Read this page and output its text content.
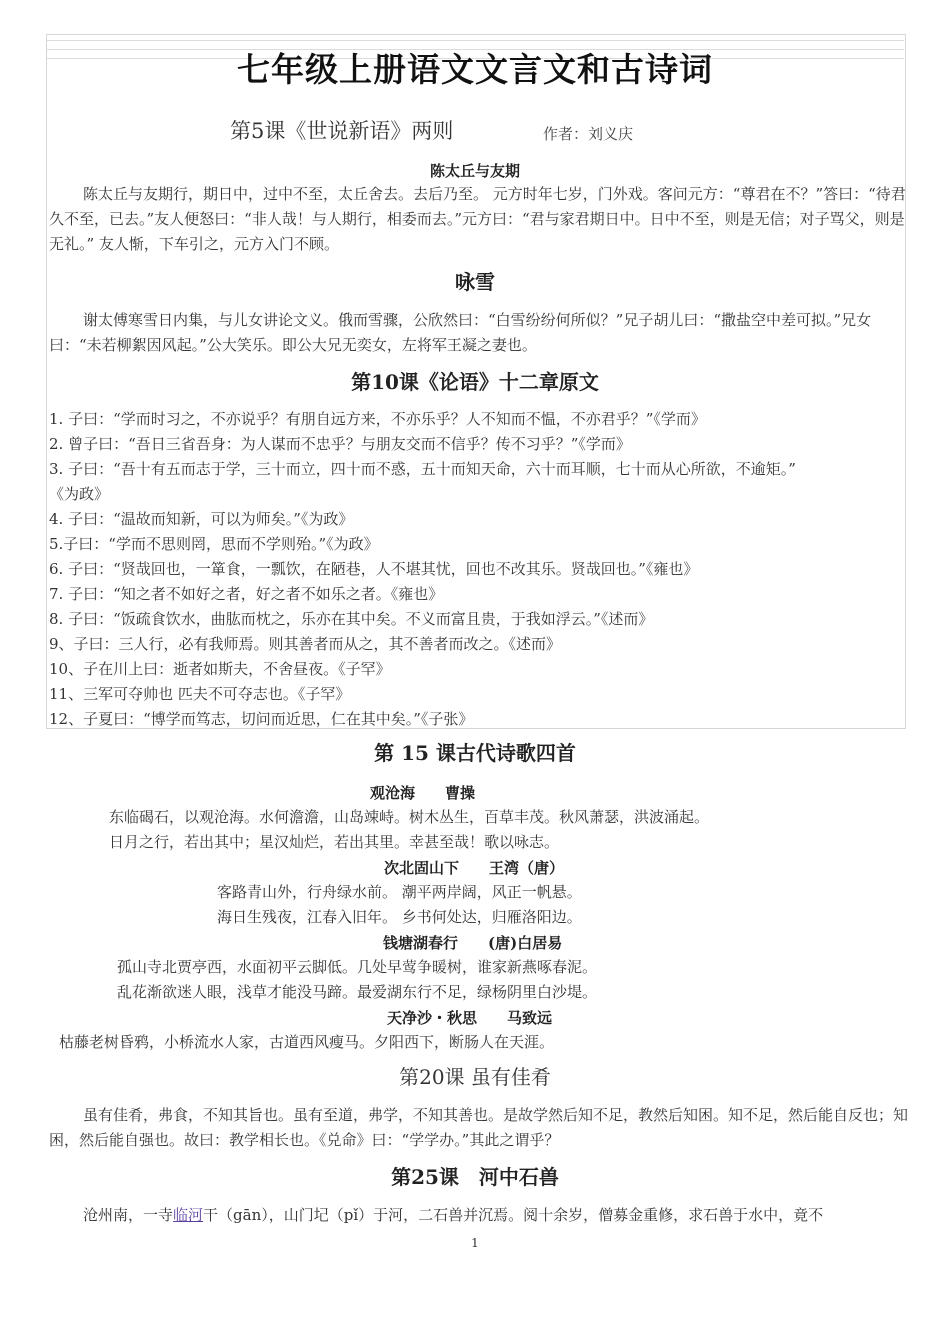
七年级上册语文文言文和古诗词
第5课《世说新语》两则	作者：刘义庆
陈太丘与友期
陈太丘与友期行，期日中，过中不至，太丘舍去。去后乃至。 元方时年七岁，门外戏。客问元方：“尊君在不？”答曰：“待君久不至，已去。”友人便怒曰：“非人哉！与人期行，相委而去。”元方曰：“君与家君期日中。日中不至，则是无信；对子骂父，则是无礼。” 友人惭，下车引之，元方入门不顾。
咏雪
谢太傅寒雪日内集，与儿女讲论文义。俄而雪骤，公欣然曰：“白雪纷纷何所似？”兄子胡儿曰：“撒盐空中差可拟。”兄女曰：“未若柳絮因风起。”公大笑乐。即公大兄无奕女，左将军王凝之妻也。
第10课《论语》十二章原文
1. 子曰：“学而时习之，不亦说乎？有朋自远方来，不亦乐乎？人不知而不愠，不亦君乎？”《学而》
2. 曾子曰：“吾日三省吾身：为人谋而不忠乎？与朋友交而不信乎？传不习乎？”《学而》
3. 子曰：“吾十有五而志于学，三十而立，四十而不惑，五十而知天命，六十而耳顺，七十而从心所欲，不逾矩。”
《为政》
4. 子曰：“温故而知新，可以为师矣。”《为政》
5.子曰：“学而不思则罔，思而不学则殆。”《为政》
6. 子曰：“贤哉回也，一箪食，一瓢饮，在陋巷，人不堪其忧，回也不改其乐。贤哉回也。”《雍也》
7. 子曰：“知之者不如好之者，好之者不如乐之者。《雍也》
8. 子曰：“饭疏食饮水，曲肱而枕之，乐亦在其中矣。不义而富且贵，于我如浮云。”《述而》
9、子曰：三人行，必有我师焉。则其善者而从之，其不善者而改之。《述而》
10、子在川上曰：逝者如斯夫，不舍昼夜。《子罕》
11、三军可夺帅也 匹夫不可夺志也。《子罕》
12、子夏曰：“博学而笃志，切问而近思，仁在其中矣。”《子张》
第 15 课古代诗歌四首
观沧海　　曹操
东临碣石，以观沧海。水何澹澹，山岛竦峙。树木丛生，百草丰茂。秋风萧瑟，洪波涌起。
日月之行，若出其中；星汉灿烂，若出其里。幸甚至哉！歌以咏志。
次北固山下　　王湾（唐）
客路青山外，行舟绿水前。 潮平两岸阔，风正一帆悬。
海日生残夜，江春入旧年。 乡书何处达，归雁洛阳边。
钱塘湖春行　　(唐)白居易
孤山寺北贾亭西，水面初平云脚低。几处早莺争暖树，谁家新燕啄春泥。
乱花渐欲迷人眼，浅草才能没马蹄。最爱湖东行不足，绿杨阴里白沙堤。
天净沙・秋思　　马致远
枯藤老树昏鸦，小桥流水人家，古道西风瘦马。夕阳西下，断肠人在天涯。
第20课 虽有佳肴
虽有佳肴，弗食，不知其旨也。虽有至道，弗学，不知其善也。是故学然后知不足，教然后知困。知不足，然后能自反也；知困，然后能自强也。故曰：教学相长也。《兑命》曰：“学学办。”其此之谓乎？
第25课　河中石兽
沧州南，一寺临河干（gān），山门圮（pǐ）于河，二石兽并沉焉。阅十余岁，僧募金重修，求石兽于水中，竟不
1
